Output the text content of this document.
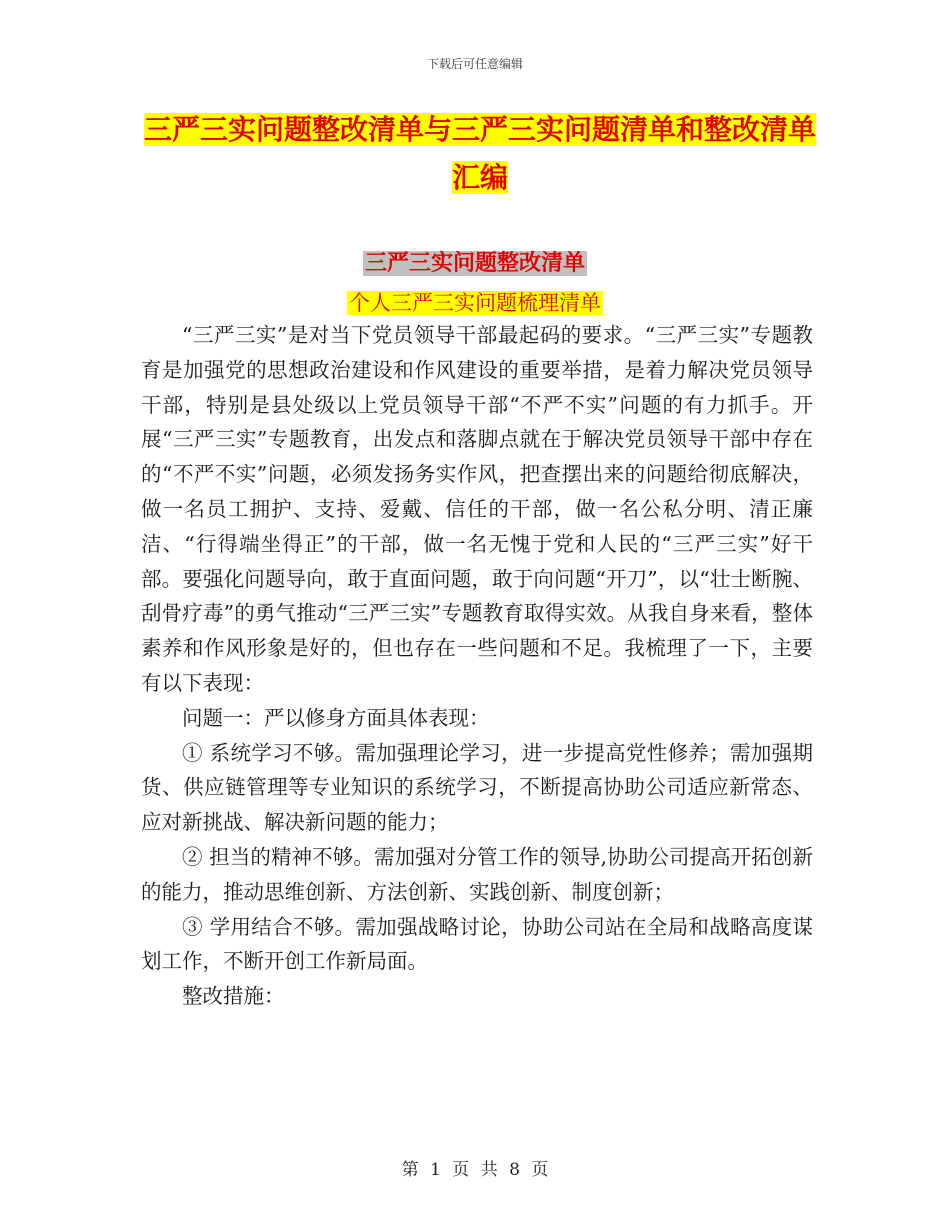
下载后可任意编辑
三严三实问题整改清单与三严三实问题清单和整改清单汇编
三严三实问题整改清单
个人三严三实问题梳理清单

“三严三实”是对当下党员领导干部最起码的要求。“三严三实”专题教育是加强党的思想政治建设和作风建设的重要举措，是着力解决党员领导干部，特别是县处级以上党员领导干部“不严不实”问题的有力抓手。开展“三严三实”专题教育，出发点和落脚点就在于解决党员领导干部中存在的“不严不实”问题，必须发扬务实作风，把查摆出来的问题给彻底解决，做一名员工拥护、支持、爱戴、信任的干部，做一名公私分明、清正廉洁、“行得端坐得正”的干部，做一名无愧于党和人民的“三严三实”好干部。要强化问题导向，敢于直面问题，敢于向问题“开刀”，以“壮士断腕、刮骨疗毒”的勇气推动“三严三实”专题教育取得实效。从我自身来看，整体素养和作风形象是好的，但也存在一些问题和不足。我梳理了一下，主要有以下表现：

问题一：严以修身方面具体表现：

① 系统学习不够。需加强理论学习，进一步提高党性修养；需加强期货、供应链管理等专业知识的系统学习，不断提高协助公司适应新常态、应对新挑战、解决新问题的能力；

② 担当的精神不够。需加强对分管工作的领导,协助公司提高开拓创新的能力，推动思维创新、方法创新、实践创新、制度创新；

③ 学用结合不够。需加强战略讨论，协助公司站在全局和战略高度谋划工作，不断开创工作新局面。

整改措施：

第 1 页 共 8 页
